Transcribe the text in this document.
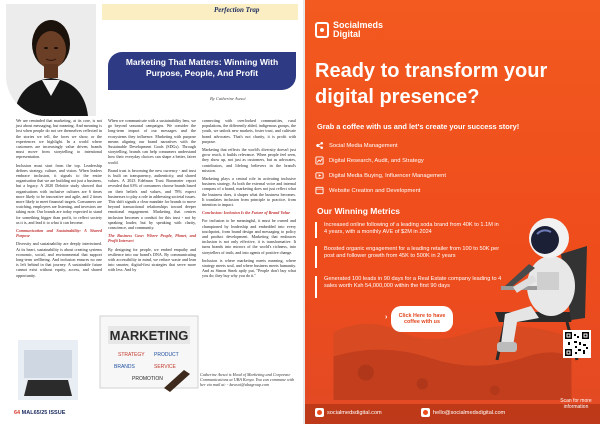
Perfection Trap
Marketing That Matters: Winning With Purpose, People, And Profit
By Catherine Awsoi

We are reminded that marketing, at its core, is not just about messaging, but meaning. And meaning is lost when people do not see themselves reflected in the stories we tell, the faces we show, or the experiences we highlight. In a world where customers are increasingly value driven, brands must move from storytelling to intentional representation.

Inclusion must start from the top. Leadership defines strategy, culture, and vision. When leaders embrace inclusion, it signals to the entire organisation that we are building not just a business, but a legacy. A 2020 Deloitte study showed that organisations with inclusive cultures are 6 times more likely to be innovative and agile, and 2 times more likely to meet financial targets. Consumers are watching, employees are listening, and investors are taking note. Our brands are today expected to stand for something bigger than profit, to reflect society as it is, and lead it to what it can become.

Communication and Sustainability: A Shared Purpose

Diversity and sustainability are deeply intertwined. At its heart, sustainability is about creating systems economic, social, and environmental that support long-term wellbeing. And inclusion ensures no one is left behind in that journey. A sustainable future cannot exist without equity, access, and shared opportunity.

When we communicate with a sustainability lens, we go beyond seasonal campaigns. We consider the long-term impact of our messages and the ecosystems they influence. Marketing with purpose means aligning our brand narratives with the Sustainable Development Goals (SDGs). Through storytelling, brands can help consumers understand how their everyday choices can shape a better, fairer world.

Brand trust is becoming the new currency - and trust is built on transparency, authenticity, and shared values. A 2023 Edelman Trust Barometer report revealed that 63% of consumers choose brands based on their beliefs and values, and 78% expect businesses to play a role in addressing societal issues. This shift signals a clear mandate for brands to move beyond transactional relationships toward deeper emotional engagement. Marketing that centres inclusion becomes a conduit for this trust - not by speaking louder, but by speaking with clarity, conscience, and community.

The Business Case: Where People, Planet, and Profit Intersect

By designing for people, we embed empathy and resilience into our brand's DNA. By communicating with accessibility in mind, we reduce waste and lean into smarter, digital-first strategies that serve more with less. And by

connecting with overlooked communities, rural populations, the differently abled, indigenous groups, the youth, we unlock new markets, foster trust, and cultivate brand advocates. That's not charity, it is profit with purpose.

Marketing that reflects the world's diversity doesn't just grow reach, it builds relevance. When people feel seen, they show up, not just as customers, but as advocates, contributors, and lifelong believers in the brand's mission.

Marketing plays a central role in activating inclusive business strategy. As both the external voice and internal compass of a brand, marketing does not just reflect what the business does, it shapes what the business becomes. It translates inclusion from principle to practice, from intention to impact.

Conclusion: Inclusion Is the Future of Brand Value

For inclusion to be meaningful, it must be owned and championed by leadership and embedded into every touchpoint, from brand design and messaging to policy and product development. Marketing that embraces inclusion is not only effective, it is transformative. It turns brands into mirrors of the world's richness, into storytellers of truth, and into agents of positive change.

Inclusion is where marketing meets meaning, where strategy meets soul, and where business meets humanity. And as Simon Sinek aptly put, "People don't buy what you do; they buy why you do it."

MARKETING
STRATEGY PRODUCT
BRANDS	SERVICE
PROMOTION
Catherine Awsoi is Head of Marketing and Corporate Communications at UBA Kenya. You can commune with her via mail at: - kawsoi@ubagroup.com
64 MAL65/25 ISSUE
Socialmeds
Digital
Ready to transform your digital presence?
Grab a coffee with us and let's create your success story!
Social Media Management
Digital Research, Audit, and Strategy
Digital Media Buying, Influencer Management
Website Creation and Development
Our Winning Metrics
Increased online following of a leading soda brand from 40K to 1.1M in 4 years, with a monthly AVE of $2M in 2024
Boosted organic engagement for a leading retailer from 100 to 50K per post and follower growth from 45K to 500K in 2 years
Generated 100 leads in 90 days for a Real Estate company leading to 4 sales worth Ksh 54,000,000 within the first 90 days
›	Click Here to have coffee with us
Scan for more information
socialmedsdigital.com	hello@socialmedsdigital.com
